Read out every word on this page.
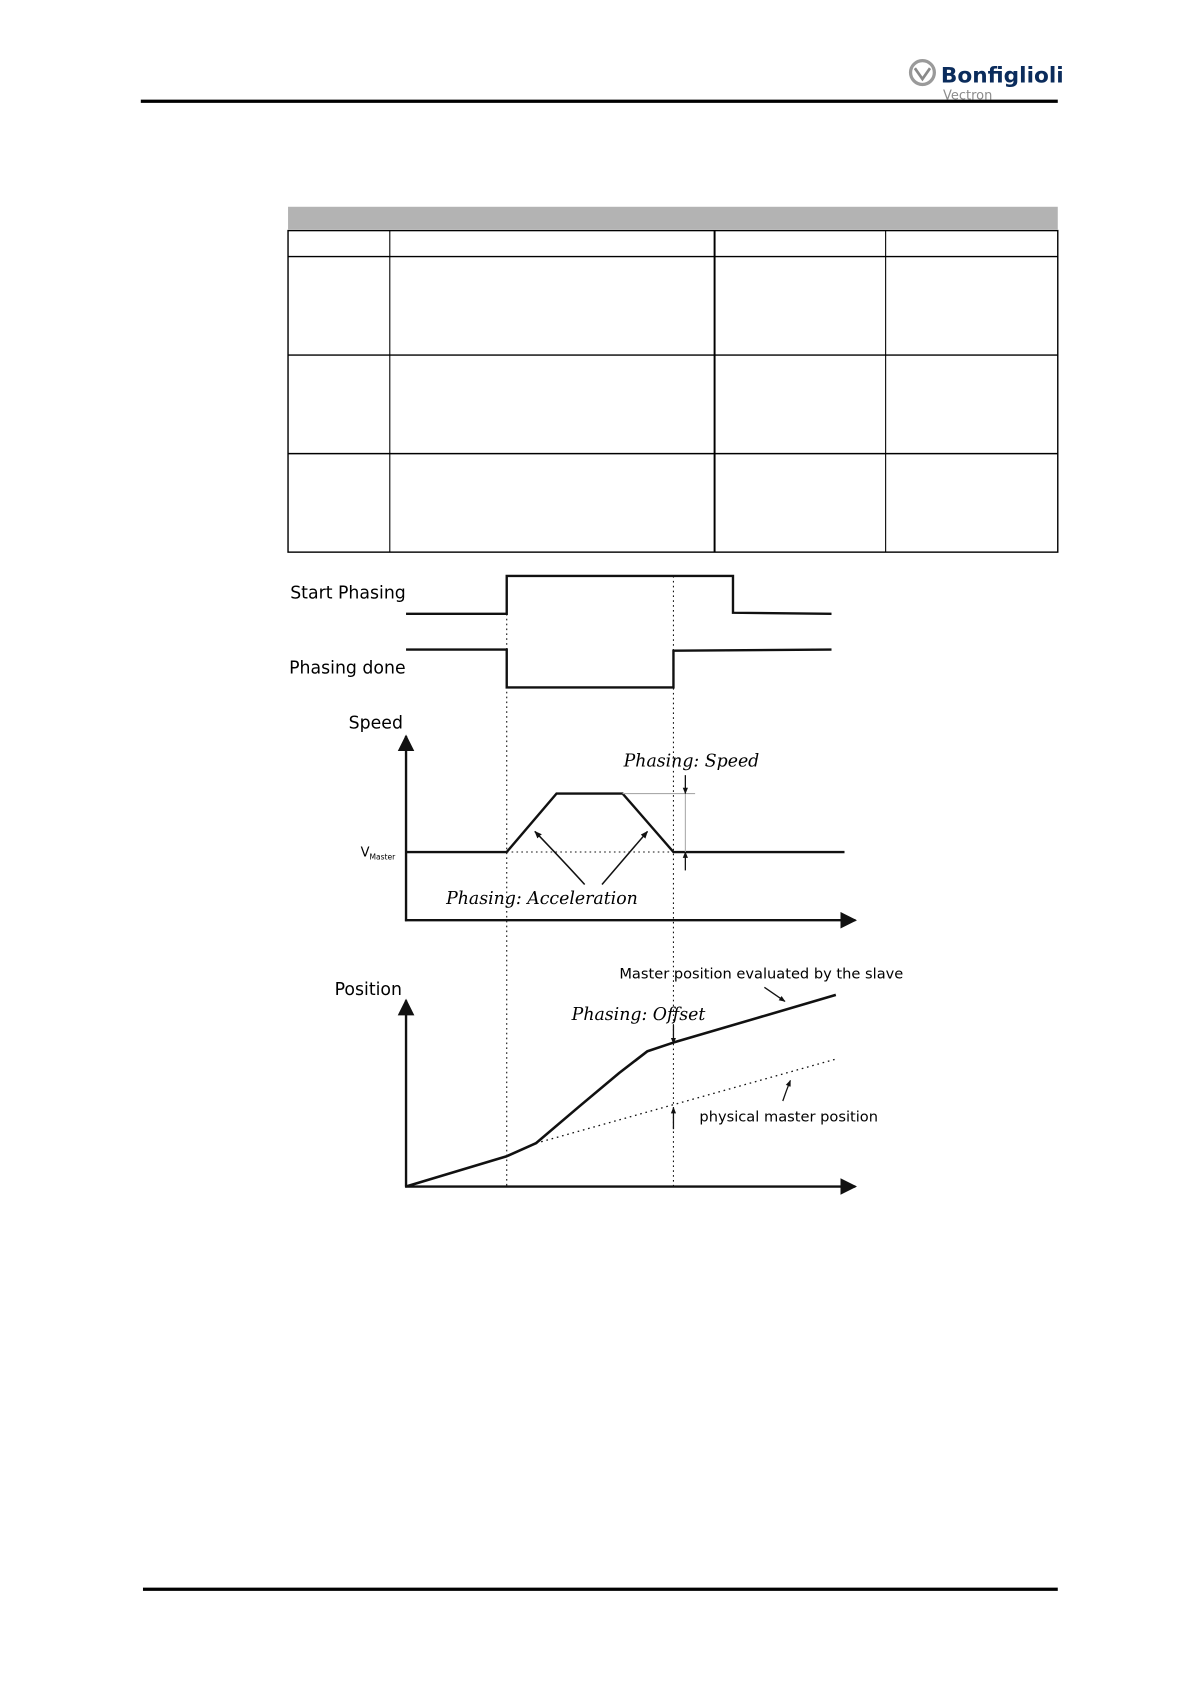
Bonfiglioli
Vectron
Start Phasing
Phasing done
Speed
$V_{Master}$
Phasing: Speed
Phasing: Acceleration
Position
Master position evaluated by the slave
Phasing: Offset
physical master position
